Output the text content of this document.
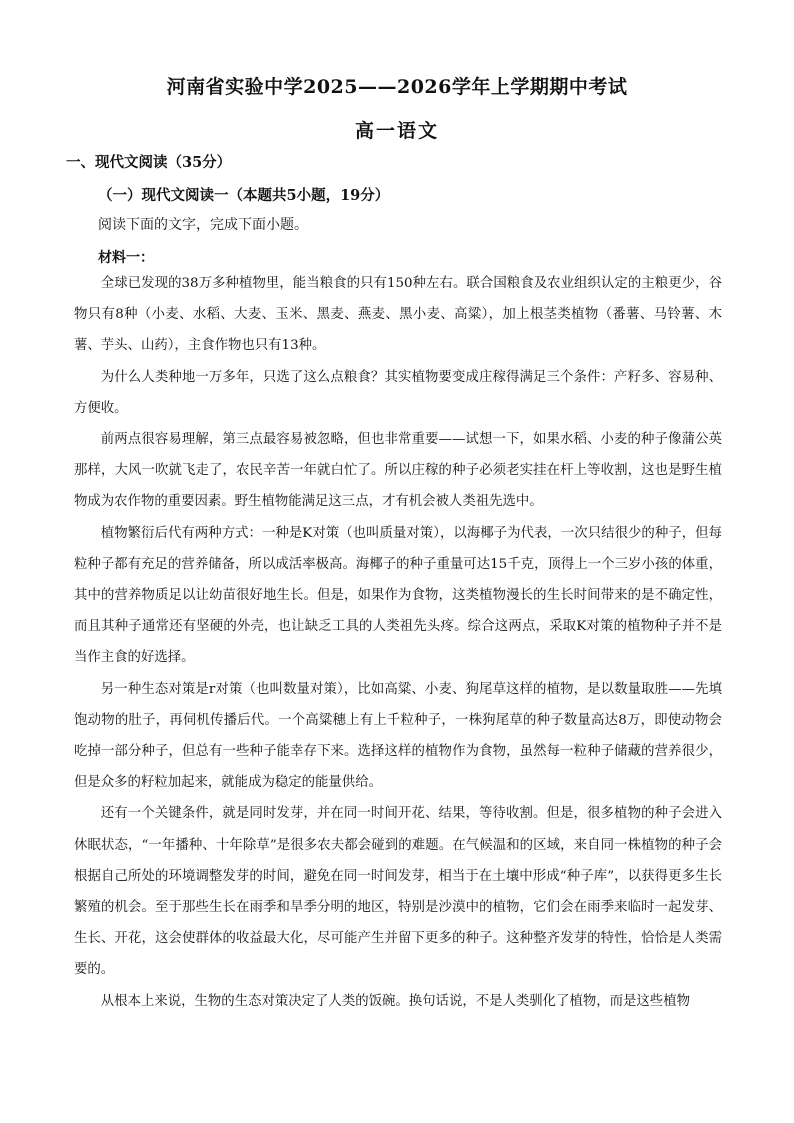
河南省实验中学2025——2026学年上学期期中考试
高一语文
一、现代文阅读（35分）
（一）现代文阅读一（本题共5小题，19分）
阅读下面的文字，完成下面小题。
材料一：

全球已发现的38万多种植物里，能当粮食的只有150种左右。联合国粮食及农业组织认定的主粮更少，谷物只有8种（小麦、水稻、大麦、玉米、黑麦、燕麦、黑小麦、高粱），加上根茎类植物（番薯、马铃薯、木薯、芋头、山药），主食作物也只有13种。

为什么人类种地一万多年，只选了这么点粮食？其实植物要变成庄稼得满足三个条件：产籽多、容易种、方便收。

前两点很容易理解，第三点最容易被忽略，但也非常重要——试想一下，如果水稻、小麦的种子像蒲公英那样，大风一吹就飞走了，农民辛苦一年就白忙了。所以庄稼的种子必须老实挂在杆上等收割，这也是野生植物成为农作物的重要因素。野生植物能满足这三点，才有机会被人类祖先选中。

植物繁衍后代有两种方式：一种是K对策（也叫质量对策），以海椰子为代表，一次只结很少的种子，但每粒种子都有充足的营养储备，所以成活率极高。海椰子的种子重量可达15千克，顶得上一个三岁小孩的体重，其中的营养物质足以让幼苗很好地生长。但是，如果作为食物，这类植物漫长的生长时间带来的是不确定性，而且其种子通常还有坚硬的外壳，也让缺乏工具的人类祖先头疼。综合这两点，采取K对策的植物种子并不是当作主食的好选择。

另一种生态对策是r对策（也叫数量对策），比如高粱、小麦、狗尾草这样的植物，是以数量取胜——先填饱动物的肚子，再伺机传播后代。一个高粱穗上有上千粒种子，一株狗尾草的种子数量高达8万，即使动物会吃掉一部分种子，但总有一些种子能幸存下来。选择这样的植物作为食物，虽然每一粒种子储藏的营养很少，但是众多的籽粒加起来，就能成为稳定的能量供给。

还有一个关键条件，就是同时发芽，并在同一时间开花、结果，等待收割。但是，很多植物的种子会进入休眠状态，“一年播种、十年除草”是很多农夫都会碰到的难题。在气候温和的区域，来自同一株植物的种子会根据自己所处的环境调整发芽的时间，避免在同一时间发芽，相当于在土壤中形成“种子库”，以获得更多生长繁殖的机会。至于那些生长在雨季和旱季分明的地区，特别是沙漠中的植物，它们会在雨季来临时一起发芽、生长、开花，这会使群体的收益最大化，尽可能产生并留下更多的种子。这种整齐发芽的特性，恰恰是人类需要的。

从根本上来说，生物的生态对策决定了人类的饭碗。换句话说，不是人类驯化了植物，而是这些植物
